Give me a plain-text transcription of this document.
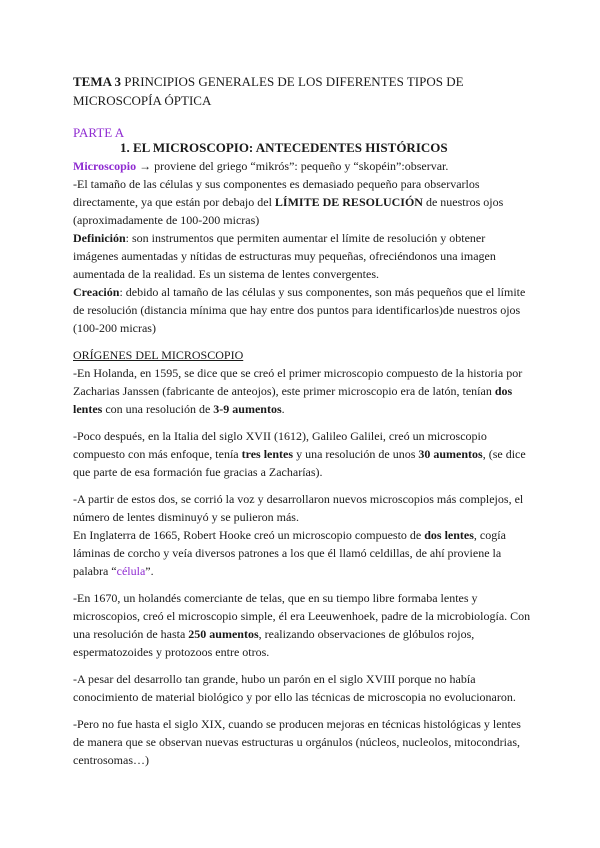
TEMA 3 PRINCIPIOS GENERALES DE LOS DIFERENTES TIPOS DE MICROSCOPÍA ÓPTICA

PARTE A

1. EL MICROSCOPIO: ANTECEDENTES HISTÓRICOS

Microscopio → proviene del griego “mikrós”: pequeño y “skopéin”:observar.

-El tamaño de las células y sus componentes es demasiado pequeño para observarlos directamente, ya que están por debajo del LÍMITE DE RESOLUCIÓN de nuestros ojos (aproximadamente de 100-200 micras)

Definición: son instrumentos que permiten aumentar el límite de resolución y obtener imágenes aumentadas y nítidas de estructuras muy pequeñas, ofreciéndonos una imagen aumentada de la realidad. Es un sistema de lentes convergentes.

Creación: debido al tamaño de las células y sus componentes, son más pequeños que el límite de resolución (distancia mínima que hay entre dos puntos para identificarlos)de nuestros ojos (100-200 micras)

ORÍGENES DEL MICROSCOPIO

-En Holanda, en 1595, se dice que se creó el primer microscopio compuesto de la historia por Zacharias Janssen (fabricante de anteojos), este primer microscopio era de latón, tenían dos lentes con una resolución de 3-9 aumentos.

-Poco después, en la Italia del siglo XVII (1612), Galileo Galilei, creó un microscopio compuesto con más enfoque, tenía tres lentes y una resolución de unos 30 aumentos, (se dice que parte de esa formación fue gracias a Zacharías).

-A partir de estos dos, se corrió la voz y desarrollaron nuevos microscopios más complejos, el número de lentes disminuyó y se pulieron más.

En Inglaterra de 1665, Robert Hooke creó un microscopio compuesto de dos lentes, cogía láminas de corcho y veía diversos patrones a los que él llamó celdillas, de ahí proviene la palabra “célula”.

-En 1670, un holandés comerciante de telas, que en su tiempo libre formaba lentes y microscopios, creó el microscopio simple, él era Leeuwenhoek, padre de la microbiología. Con una resolución de hasta 250 aumentos, realizando observaciones de glóbulos rojos, espermatozoides y protozoos entre otros.

-A pesar del desarrollo tan grande, hubo un parón en el siglo XVIII porque no había conocimiento de material biológico y por ello las técnicas de microscopia no evolucionaron.

-Pero no fue hasta el siglo XIX, cuando se producen mejoras en técnicas histológicas y lentes de manera que se observan nuevas estructuras u orgánulos (núcleos, nucleolos, mitocondrias, centrosomas…)
